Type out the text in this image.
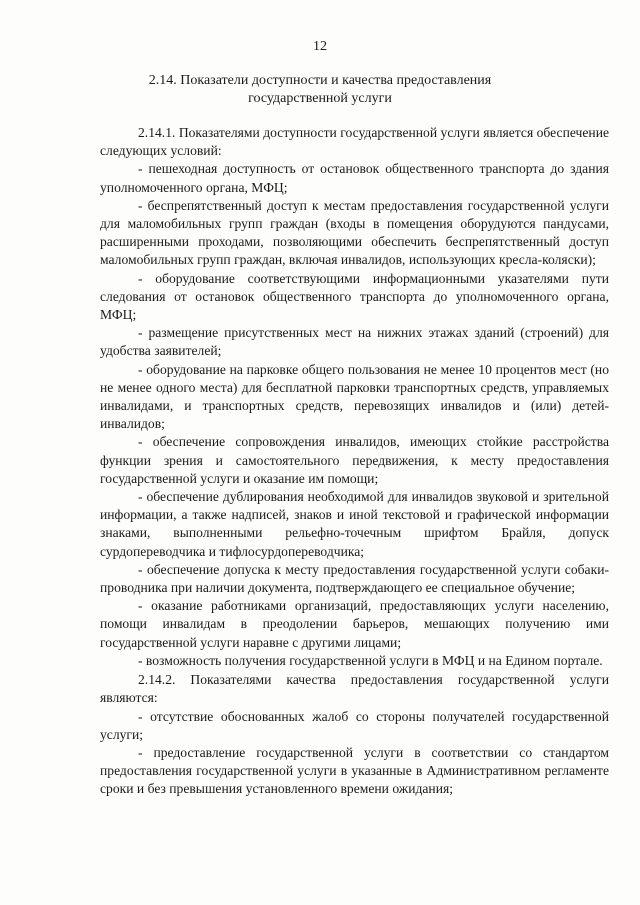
12
2.14. Показатели доступности и качества предоставления
государственной услуги

2.14.1. Показателями доступности государственной услуги является обеспечение следующих условий:

- пешеходная доступность от остановок общественного транспорта до здания уполномоченного органа, МФЦ;

- беспрепятственный доступ к местам предоставления государственной услуги для маломобильных групп граждан (входы в помещения оборудуются пандусами, расширенными проходами, позволяющими обеспечить беспрепятственный доступ маломобильных групп граждан, включая инвалидов, использующих кресла-коляски);

- оборудование соответствующими информационными указателями пути следования от остановок общественного транспорта до уполномоченного органа, МФЦ;

- размещение присутственных мест на нижних этажах зданий (строений) для удобства заявителей;

- оборудование на парковке общего пользования не менее 10 процентов мест (но не менее одного места) для бесплатной парковки транспортных средств, управляемых инвалидами, и транспортных средств, перевозящих инвалидов и (или) детей-инвалидов;

- обеспечение сопровождения инвалидов, имеющих стойкие расстройства функции зрения и самостоятельного передвижения, к месту предоставления государственной услуги и оказание им помощи;

- обеспечение дублирования необходимой для инвалидов звуковой и зрительной информации, а также надписей, знаков и иной текстовой и графической информации знаками, выполненными рельефно-точечным шрифтом Брайля, допуск сурдопереводчика и тифлосурдопереводчика;

- обеспечение допуска к месту предоставления государственной услуги собаки-проводника при наличии документа, подтверждающего ее специальное обучение;

- оказание работниками организаций, предоставляющих услуги населению, помощи инвалидам в преодолении барьеров, мешающих получению ими государственной услуги наравне с другими лицами;

- возможность получения государственной услуги в МФЦ и на Едином портале.

2.14.2. Показателями качества предоставления государственной услуги являются:

- отсутствие обоснованных жалоб со стороны получателей государственной услуги;

- предоставление государственной услуги в соответствии со стандартом предоставления государственной услуги в указанные в Административном регламенте сроки и без превышения установленного времени ожидания;
